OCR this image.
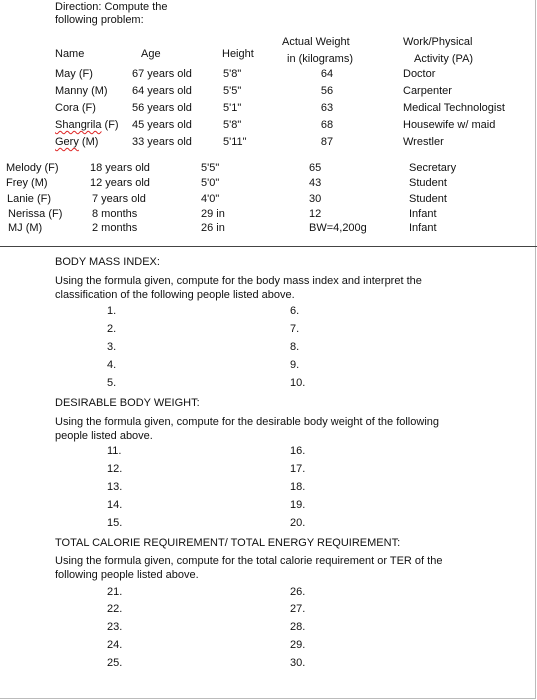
Direction: Compute the
following problem:
Actual Weight	Work/Physical
Name	Age	Height	in (kilograms)	Activity (PA)
May (F)	67 years old	5'8"	64	Doctor
Manny (M) 64 years old	5'5"	56	Carpenter
Cora (F)	56 years old	5'1"	63	Medical Technologist
Shangrila (F) 45 years old	5'8"	68	Housewife w/ maid
Gery (M)	33 years old	5'11"	87	Wrestler
Melody (F)	18 years old	5'5"	65	Secretary
Frey (M)	12 years old	5'0"	43	Student
Lanie (F)	7 years old	4'0"	30	Student
Nerissa (F)	8 months	29 in	12	Infant
MJ (M)	2 months	26 in	BW=4,200g	Infant
BODY MASS INDEX:
Using the formula given, compute for the body mass index and interpret the classification of the following people listed above.
1.
2.
3.
4.
5.
6.
7.
8.
9.
10.
DESIRABLE BODY WEIGHT:
Using the formula given, compute for the desirable body weight of the following people listed above.
11.
12.
13.
14.
15.
16.
17.
18.
19.
20.
TOTAL CALORIE REQUIREMENT/ TOTAL ENERGY REQUIREMENT:
Using the formula given, compute for the total calorie requirement or TER of the following people listed above.
21.
22.
23.
24.
25.
26.
27.
28.
29.
30.
